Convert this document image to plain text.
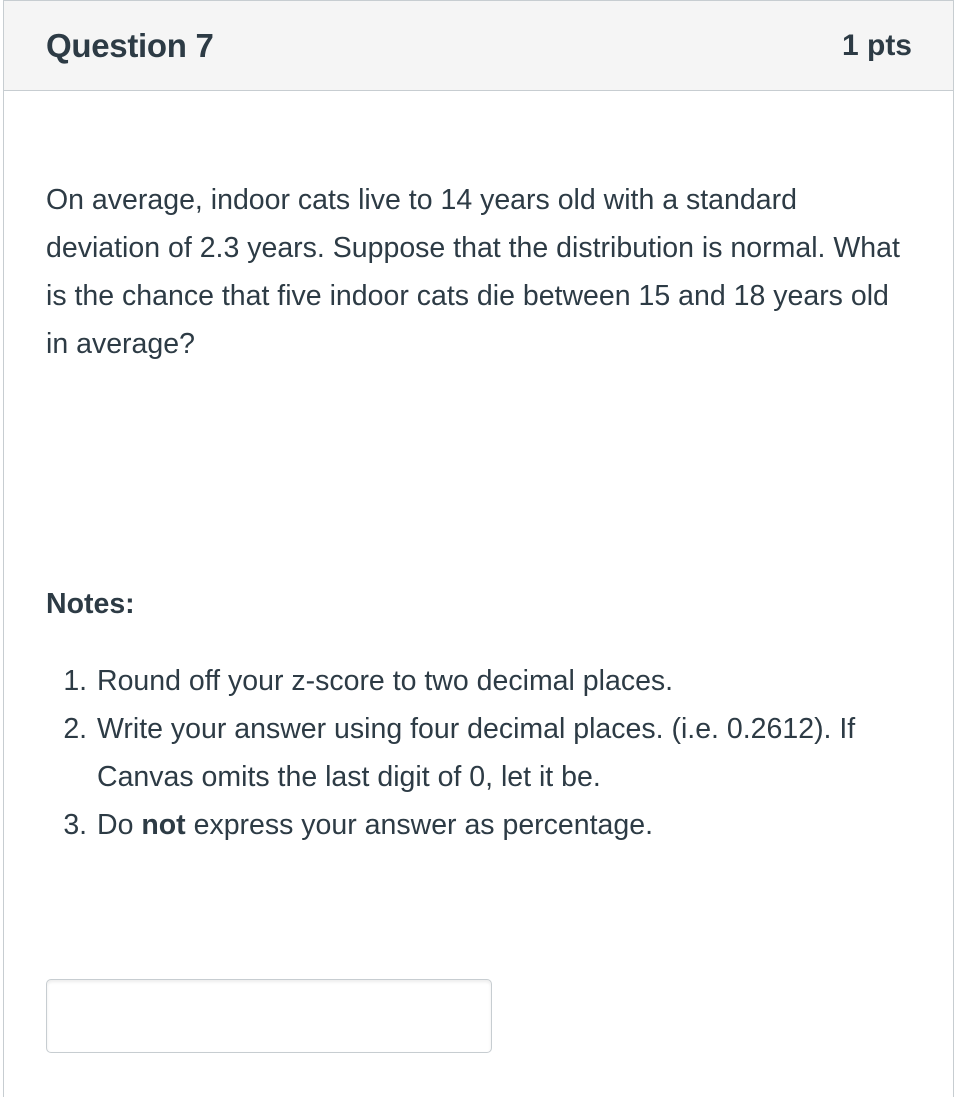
Question 7	1 pts

On average, indoor cats live to 14 years old with a standard deviation of 2.3 years. Suppose that the distribution is normal. What is the chance that five indoor cats die between 15 and 18 years old in average?

Notes:
1. Round off your z-score to two decimal places.
2. Write your answer using four decimal places. (i.e. 0.2612). If Canvas omits the last digit of 0, let it be.
3. Do not express your answer as percentage.
